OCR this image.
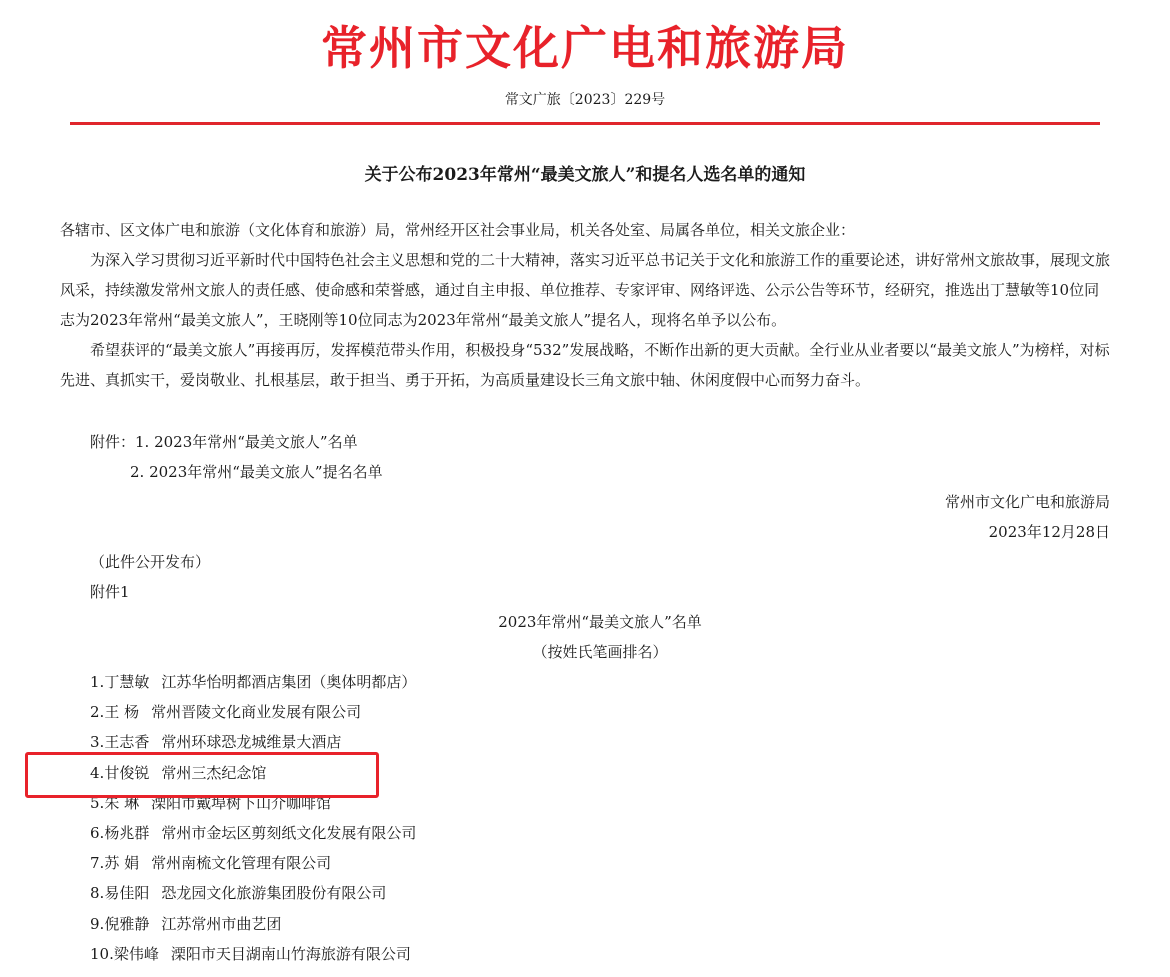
常州市文化广电和旅游局
常文广旅〔2023〕229号
关于公布2023年常州“最美文旅人”和提名人选名单的通知
各辖市、区文体广电和旅游（文化体育和旅游）局，常州经开区社会事业局，机关各处室、局属各单位，相关文旅企业：
为深入学习贯彻习近平新时代中国特色社会主义思想和党的二十大精神，落实习近平总书记关于文化和旅游工作的重要论述，讲好常州文旅故事，展现文旅风采，持续激发常州文旅人的责任感、使命感和荣誉感，通过自主申报、单位推荐、专家评审、网络评选、公示公告等环节，经研究，推选出丁慧敏等10位同志为2023年常州“最美文旅人”，王晓刚等10位同志为2023年常州“最美文旅人”提名人，现将名单予以公布。
希望获评的“最美文旅人”再接再厉，发挥模范带头作用，积极投身“532”发展战略，不断作出新的更大贡献。全行业从业者要以“最美文旅人”为榜样，对标先进、真抓实干，爱岗敬业、扎根基层，敢于担当、勇于开拓，为高质量建设长三角文旅中轴、休闲度假中心而努力奋斗。
附件：1. 2023年常州“最美文旅人”名单
2. 2023年常州“最美文旅人”提名名单
常州市文化广电和旅游局
2023年12月28日
（此件公开发布）
附件1
2023年常州“最美文旅人”名单
（按姓氏笔画排名）
1.丁慧敏 江苏华怡明都酒店集团（奥体明都店）
2.王 杨 常州晋陵文化商业发展有限公司
3.王志香 常州环球恐龙城维景大酒店
4.甘俊锐 常州三杰纪念馆
5.朱 琳 溧阳市戴埠树下山介咖啡馆
6.杨兆群 常州市金坛区剪刻纸文化发展有限公司
7.苏 娟 常州南梳文化管理有限公司
8.易佳阳 恐龙园文化旅游集团股份有限公司
9.倪雅静 江苏常州市曲艺团
10.梁伟峰 溧阳市天目湖南山竹海旅游有限公司
